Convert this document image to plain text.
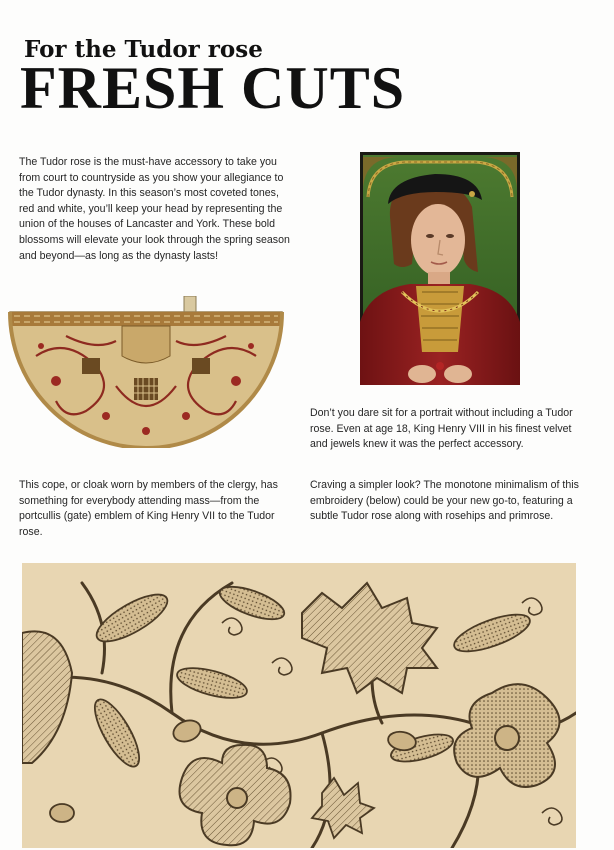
For the Tudor rose
FRESH CUTS

The Tudor rose is the must-have accessory to take you from court to countryside as you show your allegiance to the Tudor dynasty. In this season’s most coveted tones, red and white, you’ll keep your head by representing the union of the houses of Lancaster and York. These bold blossoms will elevate your look through the spring season and beyond—as long as the dynasty lasts!

Don’t you dare sit for a portrait without including a Tudor rose. Even at age 18, King Henry VIII in his finest velvet and jewels knew it was the perfect accessory.

This cope, or cloak worn by members of the clergy, has something for everybody attending mass—from the portcullis (gate) emblem of King Henry VII to the Tudor rose.

Craving a simpler look? The monotone minimalism of this embroidery (below) could be your new go-to, featuring a subtle Tudor rose along with rosehips and primrose.
